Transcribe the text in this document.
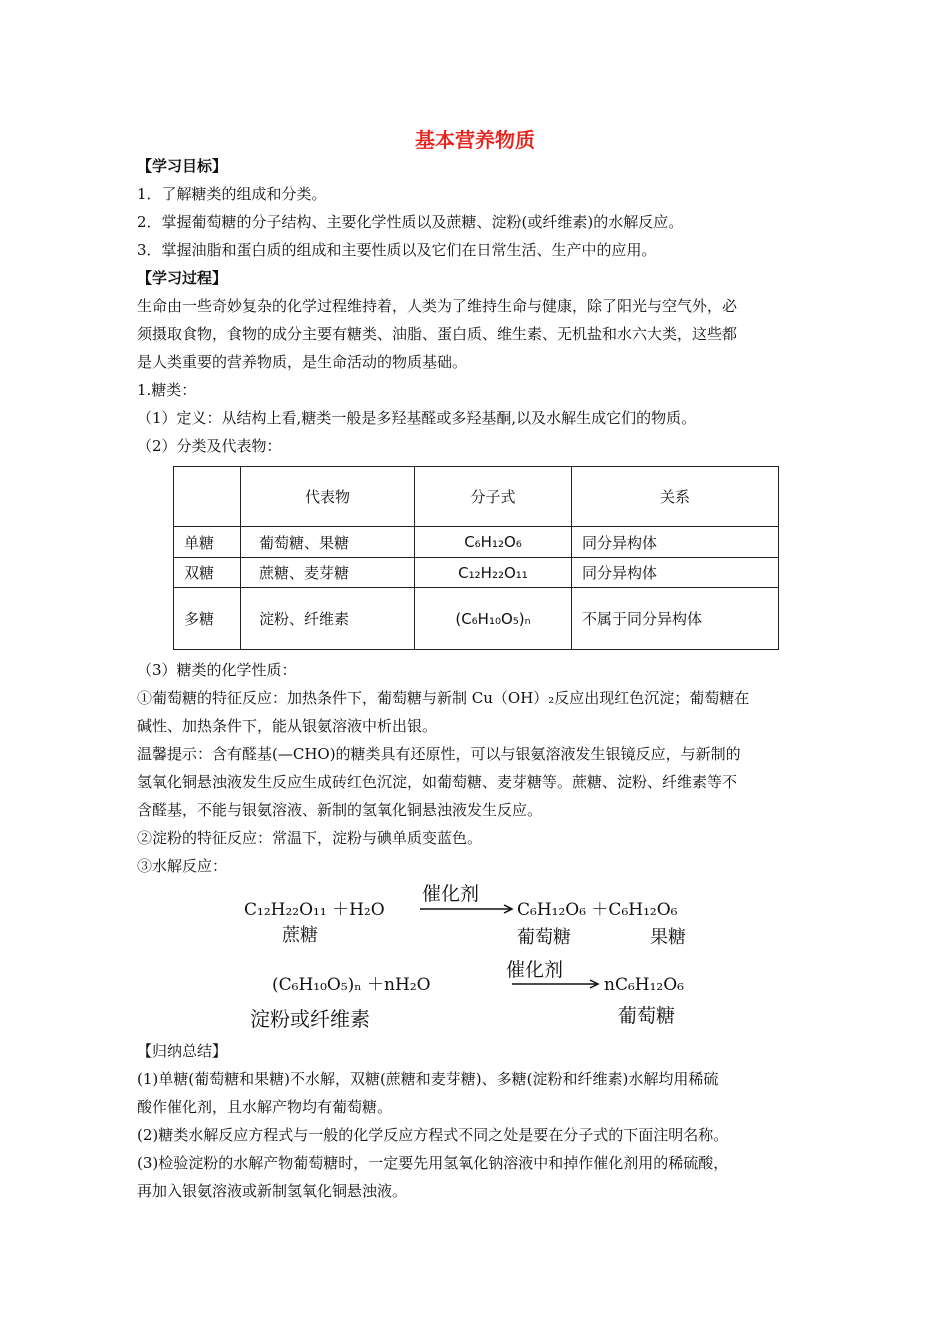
基本营养物质
【学习目标】
1．了解糖类的组成和分类。
2．掌握葡萄糖的分子结构、主要化学性质以及蔗糖、淀粉(或纤维素)的水解反应。
3．掌握油脂和蛋白质的组成和主要性质以及它们在日常生活、生产中的应用。
【学习过程】
生命由一些奇妙复杂的化学过程维持着，人类为了维持生命与健康，除了阳光与空气外，必
须摄取食物，食物的成分主要有糖类、油脂、蛋白质、维生素、无机盐和水六大类，这些都
是人类重要的营养物质，是生命活动的物质基础。
1.糖类：
（1）定义：从结构上看,糖类一般是多羟基醛或多羟基酮,以及水解生成它们的物质。
（2）分类及代表物：
	代表物	分子式	关系
单糖	葡萄糖、果糖	C₆H₁₂O₆	同分异构体
双糖	蔗糖、麦芽糖	C₁₂H₂₂O₁₁	同分异构体
多糖	淀粉、纤维素	(C₆H₁₀O₅)ₙ	不属于同分异构体
（3）糖类的化学性质：
①葡萄糖的特征反应：加热条件下，葡萄糖与新制 Cu（OH）₂反应出现红色沉淀；葡萄糖在
碱性、加热条件下，能从银氨溶液中析出银。
温馨提示：含有醛基(—CHO)的糖类具有还原性，可以与银氨溶液发生银镜反应，与新制的
氢氧化铜悬浊液发生反应生成砖红色沉淀，如葡萄糖、麦芽糖等。蔗糖、淀粉、纤维素等不
含醛基，不能与银氨溶液、新制的氢氧化铜悬浊液发生反应。
②淀粉的特征反应：常温下，淀粉与碘单质变蓝色。
③水解反应：
C₁₂H₂₂O₁₁ ＋H₂O
催化剂
C₆H₁₂O₆ ＋C₆H₁₂O₆
蔗糖	葡萄糖	果糖
(C₆H₁₀O₅)ₙ ＋nH₂O
催化剂
nC₆H₁₂O₆
淀粉或纤维素	葡萄糖
【归纳总结】
(1)单糖(葡萄糖和果糖)不水解，双糖(蔗糖和麦芽糖)、多糖(淀粉和纤维素)水解均用稀硫
酸作催化剂，且水解产物均有葡萄糖。
(2)糖类水解反应方程式与一般的化学反应方程式不同之处是要在分子式的下面注明名称。
(3)检验淀粉的水解产物葡萄糖时，一定要先用氢氧化钠溶液中和掉作催化剂用的稀硫酸，
再加入银氨溶液或新制氢氧化铜悬浊液。
